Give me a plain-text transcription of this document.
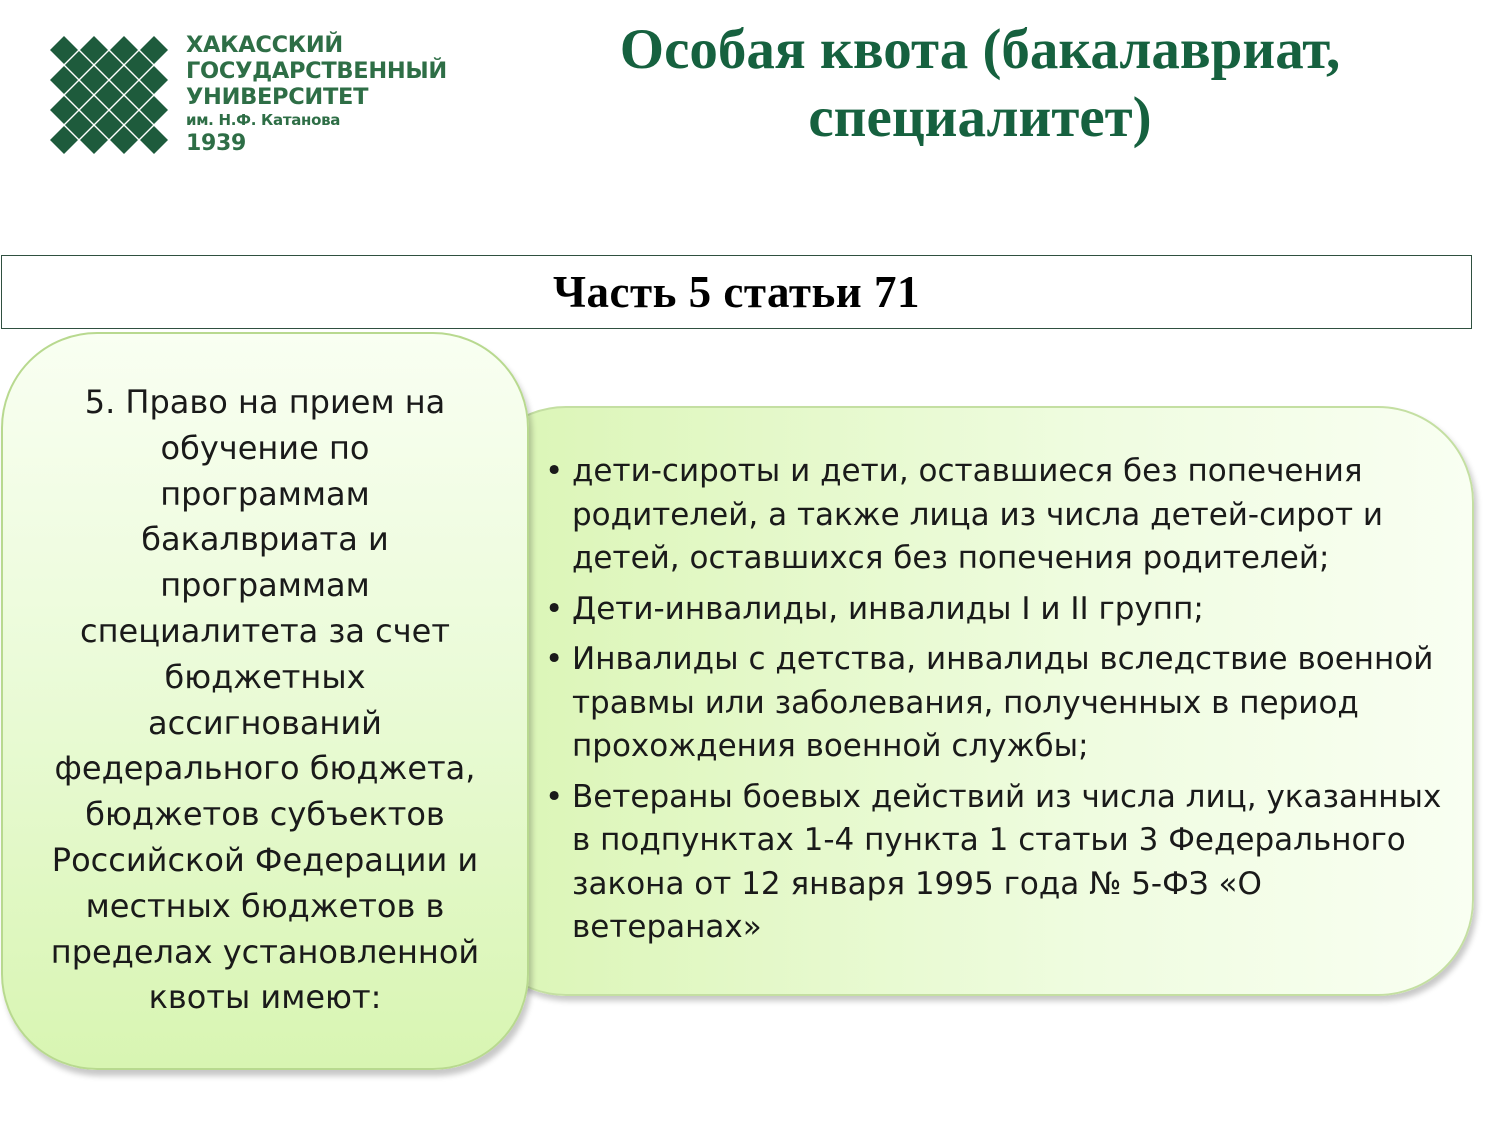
ХАКАССКИЙ
ГОСУДАРСТВЕННЫЙ
УНИВЕРСИТЕТ
им. Н.Ф. Катанова
1939
Особая квота (бакалавриат, специалитет)
Часть 5 статьи 71
• дети-сироты и дети, оставшиеся без попечения родителей, а также лица из числа детей-сирот и детей, оставшихся без попечения родителей;
• Дети-инвалиды, инвалиды I и II групп;
• Инвалиды с детства, инвалиды вследствие военной травмы или заболевания, полученных в период прохождения военной службы;
• Ветераны боевых действий из числа лиц, указанных в подпунктах 1-4 пункта 1 статьи 3 Федерального закона от 12 января 1995 года № 5-ФЗ «О ветеранах»

5. Право на прием на
обучение по
программам
бакалвриата и
программам
специалитета за счет
бюджетных
ассигнований
федерального бюджета,
бюджетов субъектов
Российской Федерации и
местных бюджетов в
пределах установленной
квоты имеют:
